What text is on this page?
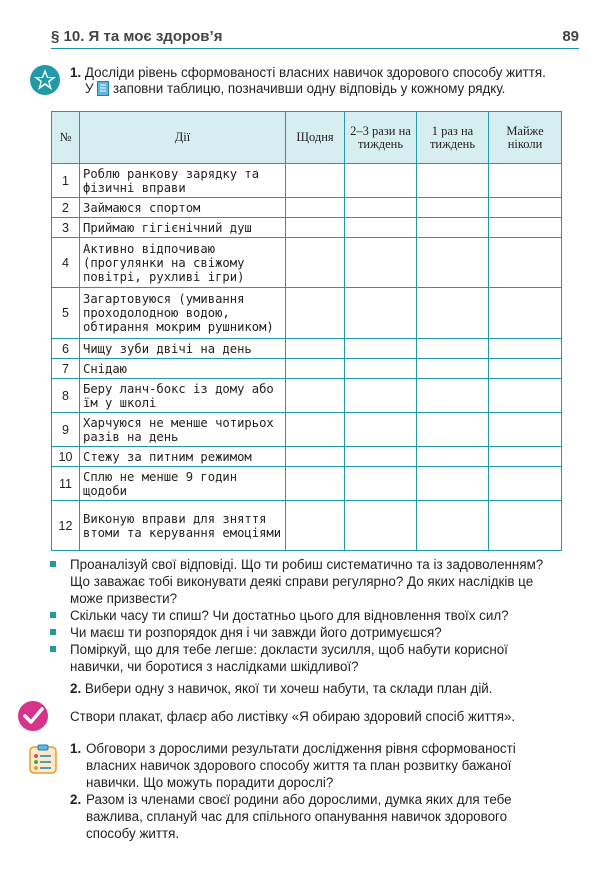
§ 10. Я та моє здоров’я	89
1. Досліди рівень сформованості власних навичок здорового способу життя.
У заповни таблицю, позначивши одну відповідь у кожному рядку.
№	Дії	Щодня	2–3 рази на тиждень	1 раз на тиждень	Майже ніколи
1	Роблю ранкову зарядку та фізичні вправи				
2	Займаюся спортом				
3	Приймаю гігієнічний душ				
4	Активно відпочиваю (прогулянки на свіжому повітрі, рухливі ігри)				
5	Загартовуюся (умивання проходолодною водою, обтирання мокрим рушником)				
6	Чищу зуби двічі на день				
7	Снідаю				
8	Беру ланч-бокс із дому або їм у школі				
9	Харчуюся не менше чотирьох разів на день				
10	Стежу за питним режимом				
11	Сплю не менше 9 годин щодоби				
12	Виконую вправи для зняття втоми та керування емоціями				
Проаналізуй свої відповіді. Що ти робиш систематично та із задоволенням? Що заважає тобі виконувати деякі справи регулярно? До яких наслідків це може призвести?
Скільки часу ти спиш? Чи достатньо цього для відновлення твоїх сил?
Чи маєш ти розпорядок дня і чи завжди його дотримуєшся?
Поміркуй, що для тебе легше: докласти зусилля, щоб набути корисної навички, чи боротися з наслідками шкідливої?
2. Вибери одну з навичок, якої ти хочеш набути, та склади план дій.
Створи плакат, флаєр або листівку «Я обираю здоровий спосіб життя».
1. Обговори з дорослими результати дослідження рівня сформованості власних навичок здорового способу життя та план розвитку бажаної навички. Що можуть порадити дорослі?
2. Разом із членами своєї родини або дорослими, думка яких для тебе важлива, сплануй час для спільного опанування навичок здорового способу життя.
